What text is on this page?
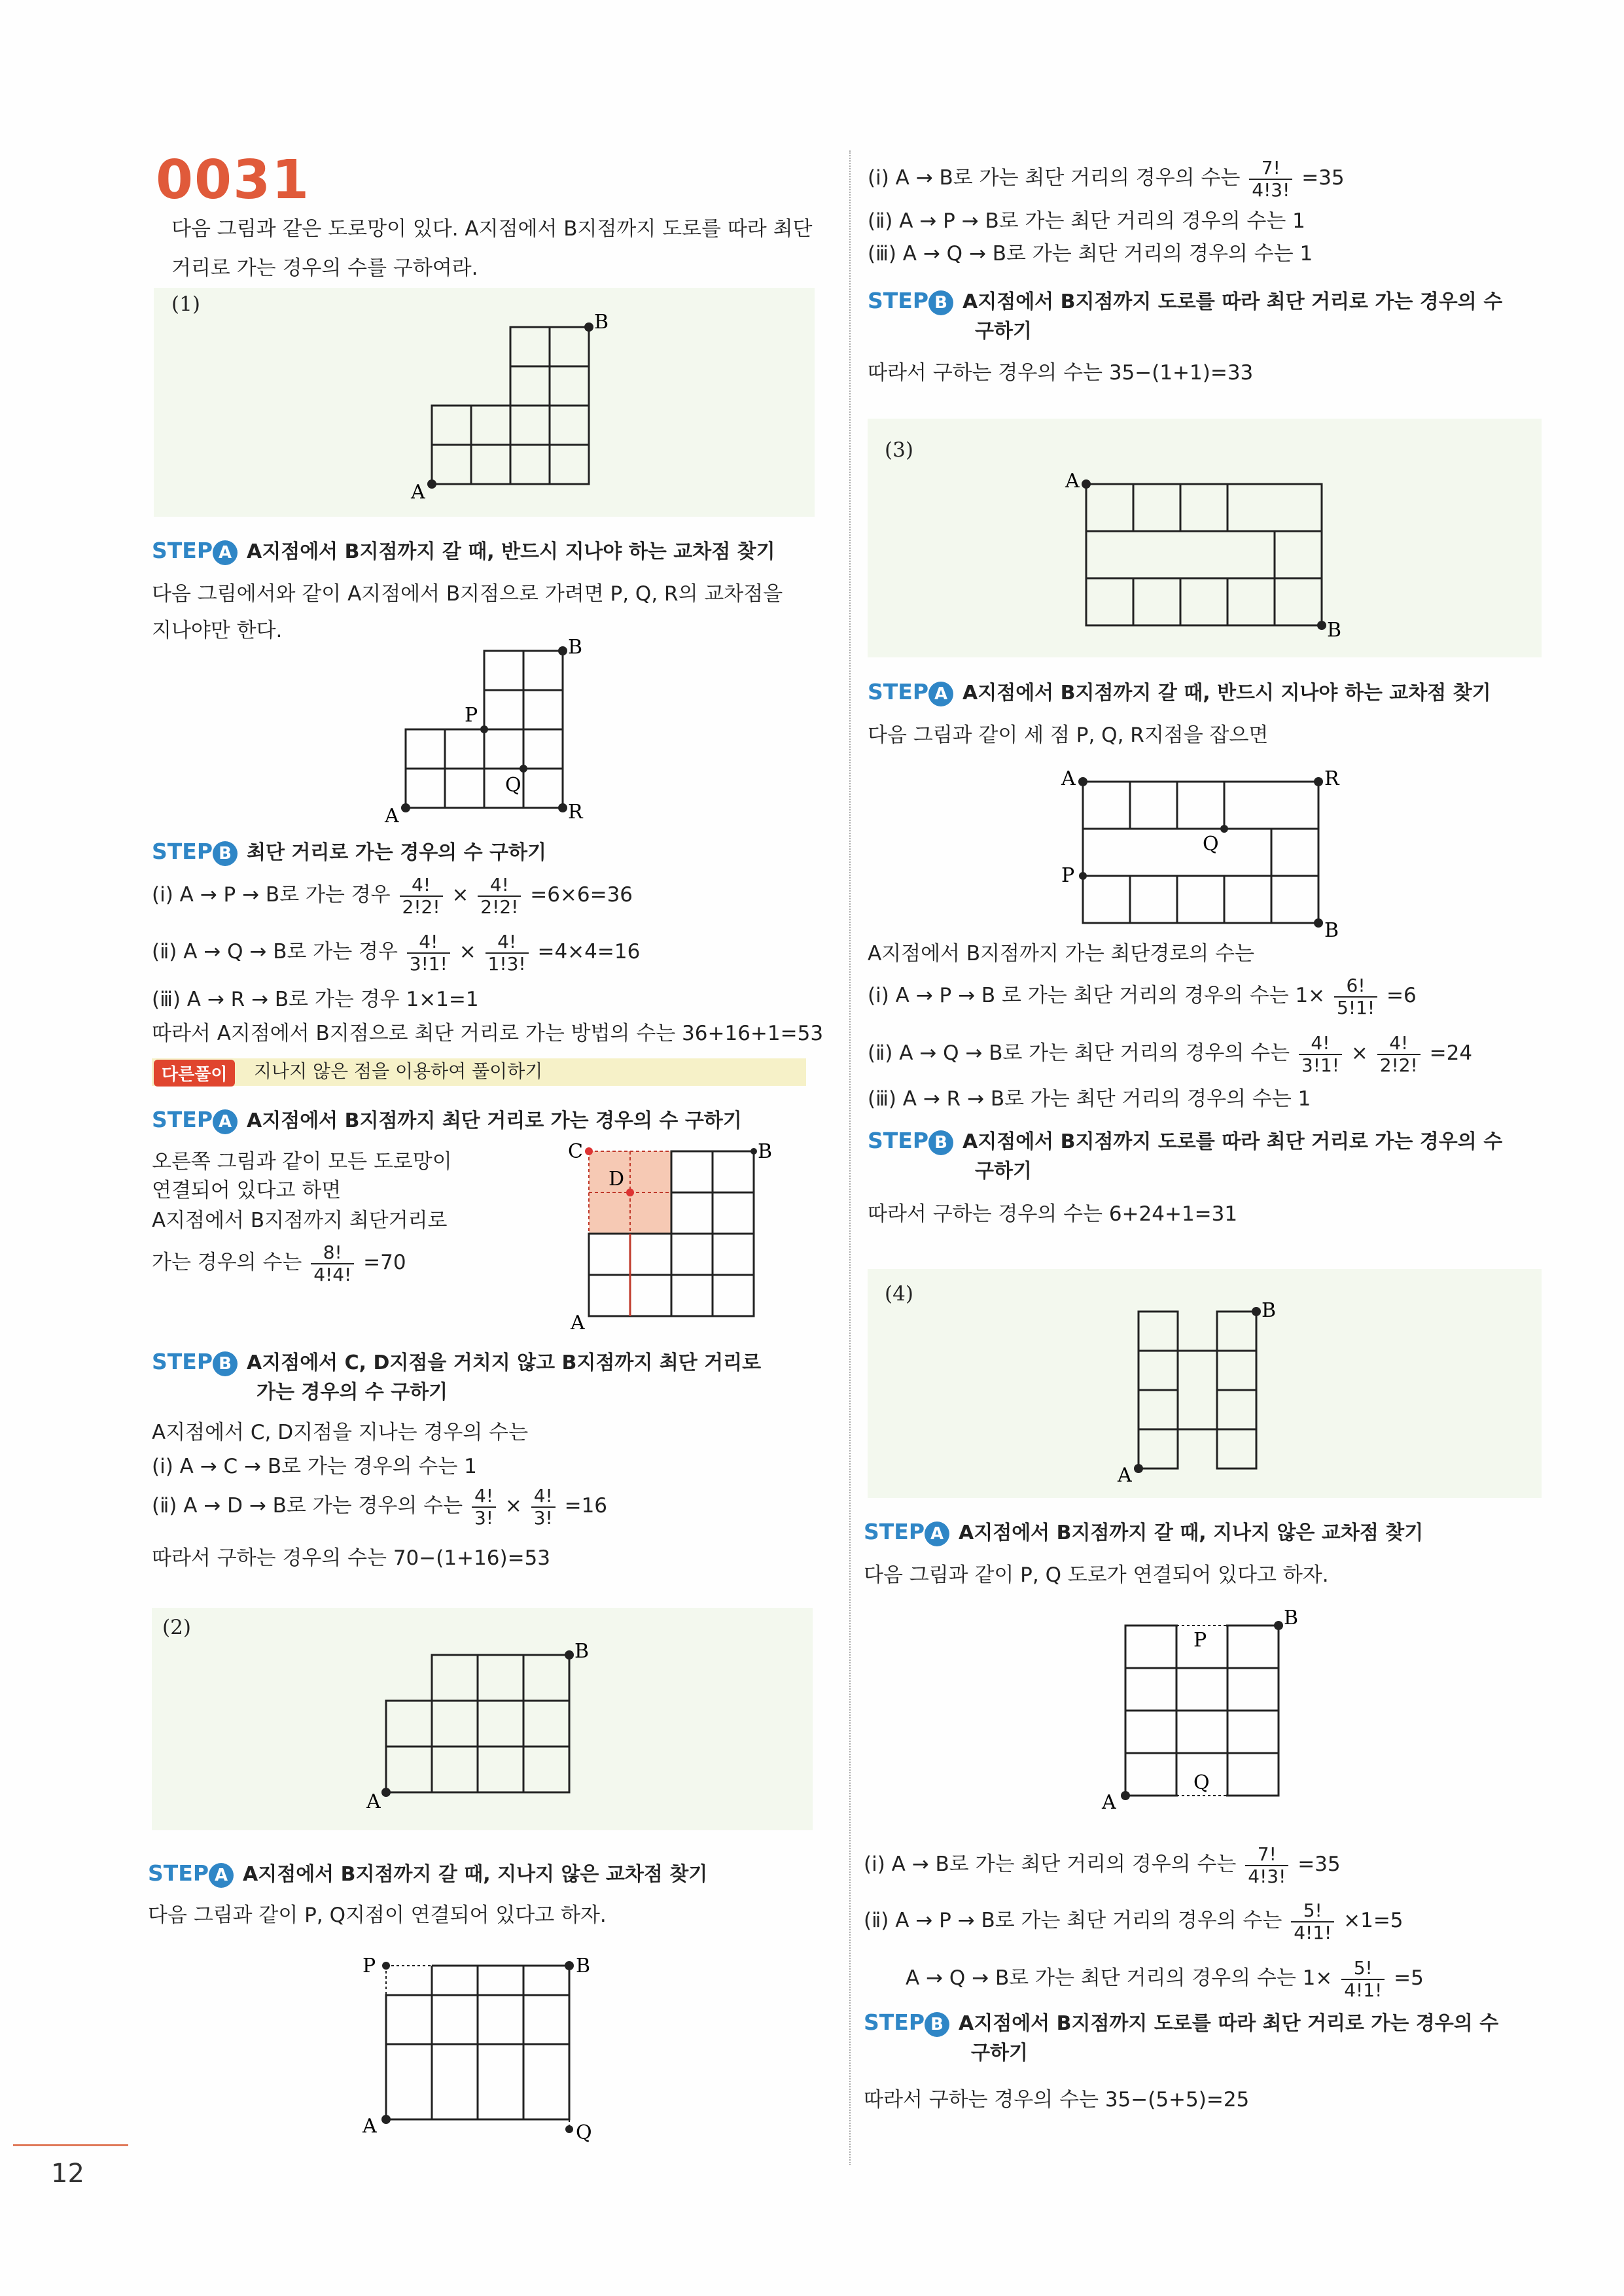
0031
다음 그림과 같은 도로망이 있다. A지점에서 B지점까지 도로를 따라 최단
거리로 가는 경우의 수를 구하여라.
(1)
A
B
STEP A A지점에서 B지점까지 갈 때, 반드시 지나야 하는 교차점 찾기
다음 그림에서와 같이 A지점에서 B지점으로 가려면 P, Q, R의 교차점을
지나야만 한다.
A
B
P
Q
R
STEP B 최단 거리로 가는 경우의 수 구하기
(ⅰ) A → P → B로 가는 경우 $\frac{4!}{2!2!} \times \frac{4!}{2!2!} =6\times 6=36$
(ⅱ) A → Q → B로 가는 경우 $\frac{4!}{3!1!} \times \frac{4!}{1!3!} =4\times 4=16$
(ⅲ) A → R → B로 가는 경우 1×1=1
따라서 A지점에서 B지점으로 최단 거리로 가는 방법의 수는 36+16+1=53
다른풀이	지나지 않은 점을 이용하여 풀이하기
STEP A A지점에서 B지점까지 최단 거리로 가는 경우의 수 구하기
오른쪽 그림과 같이 모든 도로망이
연결되어 있다고 하면
A지점에서 B지점까지 최단거리로
가는 경우의 수는 $\frac{8!}{4!4!} =70$
C
D
B
A
STEP B A지점에서 C, D지점을 거치지 않고 B지점까지 최단 거리로
가는 경우의 수 구하기
A지점에서 C, D지점을 지나는 경우의 수는
(ⅰ) A → C → B로 가는 경우의 수는 1
(ⅱ) A → D → B로 가는 경우의 수는 $\frac{4!}{3!} \times \frac{4!}{3!} =16$
따라서 구하는 경우의 수는 70−(1+16)=53
(2)
A
B
STEP A A지점에서 B지점까지 갈 때, 지나지 않은 교차점 찾기
다음 그림과 같이 P, Q지점이 연결되어 있다고 하자.
P	B
A	Q
(ⅰ) A → B로 가는 최단 거리의 경우의 수는 $\frac{7!}{4!3!} =35$
(ⅱ) A → P → B로 가는 최단 거리의 경우의 수는 1
(ⅲ) A → Q → B로 가는 최단 거리의 경우의 수는 1
STEP B A지점에서 B지점까지 도로를 따라 최단 거리로 가는 경우의 수
구하기
따라서 구하는 경우의 수는 35−(1+1)=33
(3)
A
B
STEP A A지점에서 B지점까지 갈 때, 반드시 지나야 하는 교차점 찾기
다음 그림과 같이 세 점 P, Q, R지점을 잡으면
A	R
P
Q
B
A지점에서 B지점까지 가는 최단경로의 수는
(ⅰ) A → P → B 로 가는 최단 거리의 경우의 수는 $1\times \frac{6!}{5!1!} =6$
(ⅱ) A → Q → B로 가는 최단 거리의 경우의 수는 $\frac{4!}{3!1!} \times \frac{4!}{2!2!} =24$
(ⅲ) A → R → B로 가는 최단 거리의 경우의 수는 1
STEP B A지점에서 B지점까지 도로를 따라 최단 거리로 가는 경우의 수
구하기
따라서 구하는 경우의 수는 6+24+1=31
(4)
A
B
STEP A A지점에서 B지점까지 갈 때, 지나지 않은 교차점 찾기
다음 그림과 같이 P, Q 도로가 연결되어 있다고 하자.
A
B
P
Q
(ⅰ) A → B로 가는 최단 거리의 경우의 수는 $\frac{7!}{4!3!} =35$
(ⅱ) A → P → B로 가는 최단 거리의 경우의 수는 $\frac{5!}{4!1!} \times 1=5$
A → Q → B로 가는 최단 거리의 경우의 수는 $1\times \frac{5!}{4!1!} =5$
STEP B A지점에서 B지점까지 도로를 따라 최단 거리로 가는 경우의 수
구하기
따라서 구하는 경우의 수는 35−(5+5)=25
12
